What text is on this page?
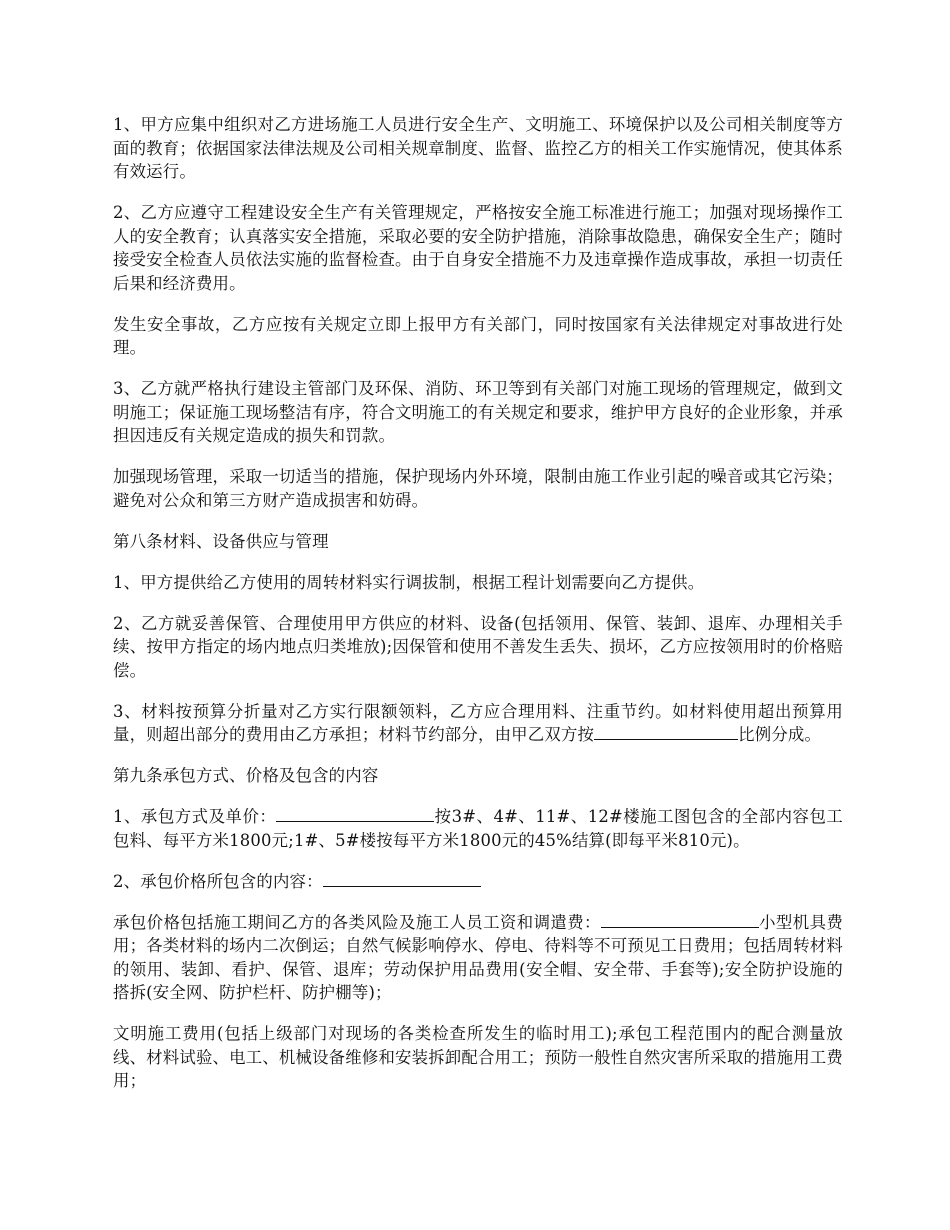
1、甲方应集中组织对乙方进场施工人员进行安全生产、文明施工、环境保护以及公司相关制度等方面的教育；依据国家法律法规及公司相关规章制度、监督、监控乙方的相关工作实施情况，使其体系有效运行。

2、乙方应遵守工程建设安全生产有关管理规定，严格按安全施工标准进行施工；加强对现场操作工人的安全教育；认真落实安全措施，采取必要的安全防护措施，消除事故隐患，确保安全生产；随时接受安全检查人员依法实施的监督检查。由于自身安全措施不力及违章操作造成事故，承担一切责任后果和经济费用。

发生安全事故，乙方应按有关规定立即上报甲方有关部门，同时按国家有关法律规定对事故进行处理。

3、乙方就严格执行建设主管部门及环保、消防、环卫等到有关部门对施工现场的管理规定，做到文明施工；保证施工现场整洁有序，符合文明施工的有关规定和要求，维护甲方良好的企业形象，并承担因违反有关规定造成的损失和罚款。

加强现场管理，采取一切适当的措施，保护现场内外环境，限制由施工作业引起的噪音或其它污染；避免对公众和第三方财产造成损害和妨碍。

第八条材料、设备供应与管理

1、甲方提供给乙方使用的周转材料实行调拔制，根据工程计划需要向乙方提供。

2、乙方就妥善保管、合理使用甲方供应的材料、设备(包括领用、保管、装卸、退库、办理相关手续、按甲方指定的场内地点归类堆放);因保管和使用不善发生丢失、损坏，乙方应按领用时的价格赔偿。

3、材料按预算分折量对乙方实行限额领料，乙方应合理用料、注重节约。如材料使用超出预算用量，则超出部分的费用由乙方承担；材料节约部分，由甲乙双方按	比例分成。

第九条承包方式、价格及包含的内容

1、承包方式及单价：	按3#、4#、11#、12#楼施工图包含的全部内容包工包料、每平方米1800元;1#、5#楼按每平方米1800元的45%结算(即每平米810元)。

2、承包价格所包含的内容：

承包价格包括施工期间乙方的各类风险及施工人员工资和调遣费：	小型机具费用；各类材料的场内二次倒运；自然气候影响停水、停电、待料等不可预见工日费用；包括周转材料的领用、装卸、看护、保管、退库；劳动保护用品费用(安全帽、安全带、手套等);安全防护设施的搭拆(安全网、防护栏杆、防护棚等)；

文明施工费用(包括上级部门对现场的各类检查所发生的临时用工);承包工程范围内的配合测量放线、材料试验、电工、机械设备维修和安装拆卸配合用工；预防一般性自然灾害所采取的措施用工费用；
